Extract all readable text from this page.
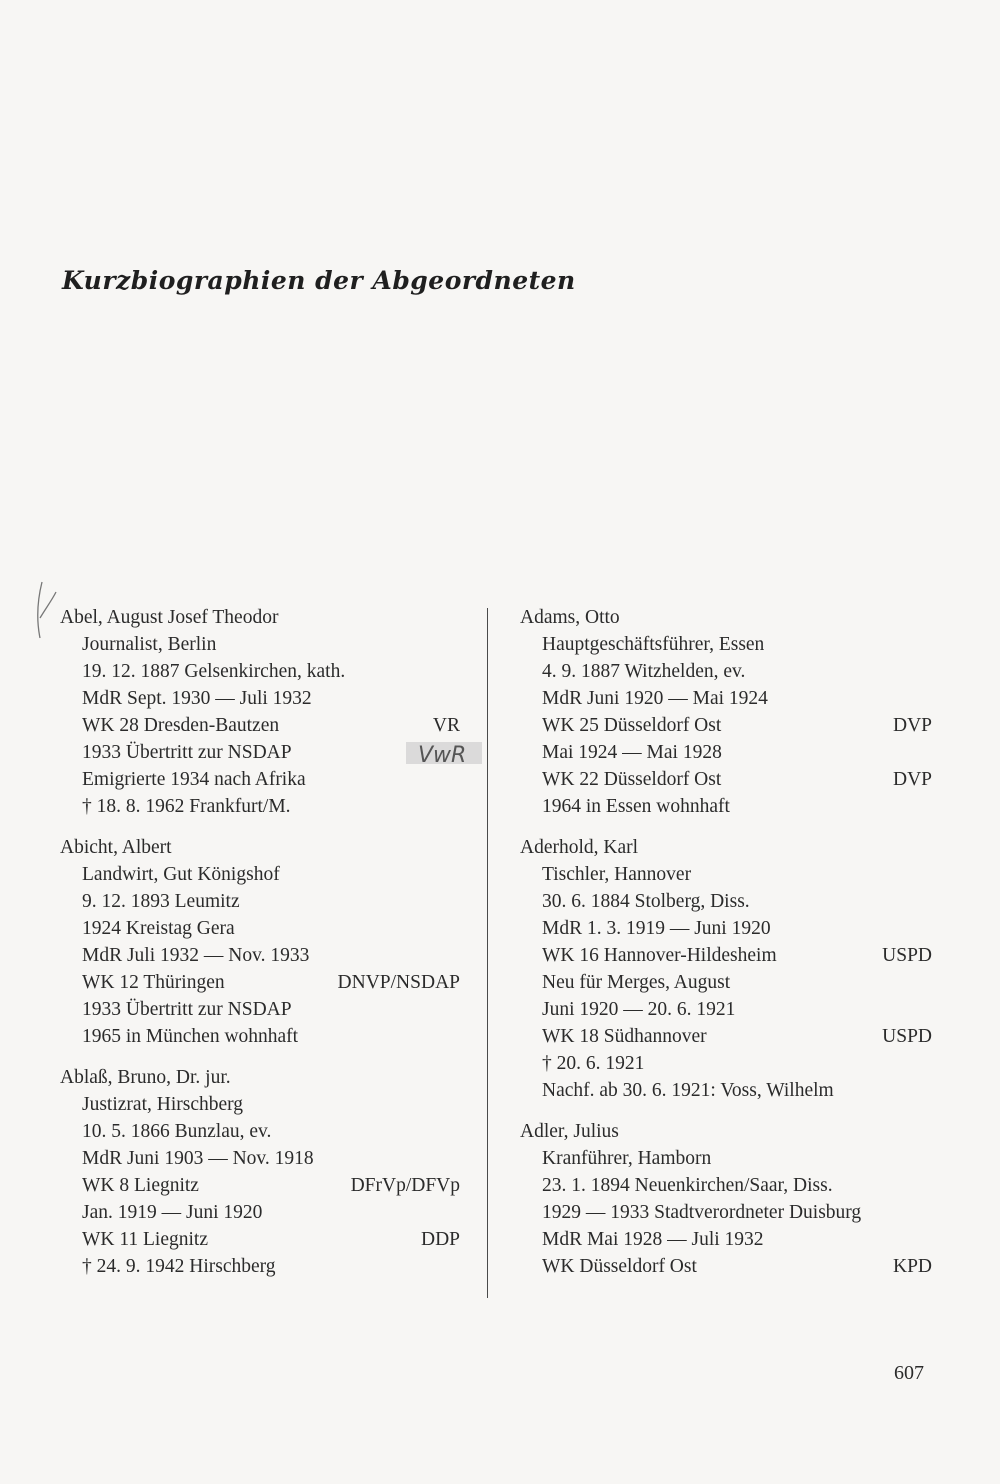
Kurzbiographien der Abgeordneten
VwR
Abel, August Josef Theodor
Journalist, Berlin
19. 12. 1887 Gelsenkirchen, kath.
MdR Sept. 1930 — Juli 1932
WK 28 Dresden-Bautzen	VR
1933 Übertritt zur NSDAP
Emigrierte 1934 nach Afrika
† 18. 8. 1962 Frankfurt/M.
Abicht, Albert
Landwirt, Gut Königshof
9. 12. 1893 Leumitz
1924 Kreistag Gera
MdR Juli 1932 — Nov. 1933
WK 12 Thüringen	DNVP/NSDAP
1933 Übertritt zur NSDAP
1965 in München wohnhaft
Ablaß, Bruno, Dr. jur.
Justizrat, Hirschberg
10. 5. 1866 Bunzlau, ev.
MdR Juni 1903 — Nov. 1918
WK 8 Liegnitz	DFrVp/DFVp
Jan. 1919 — Juni 1920
WK 11 Liegnitz	DDP
† 24. 9. 1942 Hirschberg
Adams, Otto
Hauptgeschäftsführer, Essen
4. 9. 1887 Witzhelden, ev.
MdR Juni 1920 — Mai 1924
WK 25 Düsseldorf Ost	DVP
Mai 1924 — Mai 1928
WK 22 Düsseldorf Ost	DVP
1964 in Essen wohnhaft
Aderhold, Karl
Tischler, Hannover
30. 6. 1884 Stolberg, Diss.
MdR 1. 3. 1919 — Juni 1920
WK 16 Hannover-Hildesheim	USPD
Neu für Merges, August
Juni 1920 — 20. 6. 1921
WK 18 Südhannover	USPD
† 20. 6. 1921
Nachf. ab 30. 6. 1921: Voss, Wilhelm
Adler, Julius
Kranführer, Hamborn
23. 1. 1894 Neuenkirchen/Saar, Diss.
1929 — 1933 Stadtverordneter Duisburg
MdR Mai 1928 — Juli 1932
WK Düsseldorf Ost	KPD
607
